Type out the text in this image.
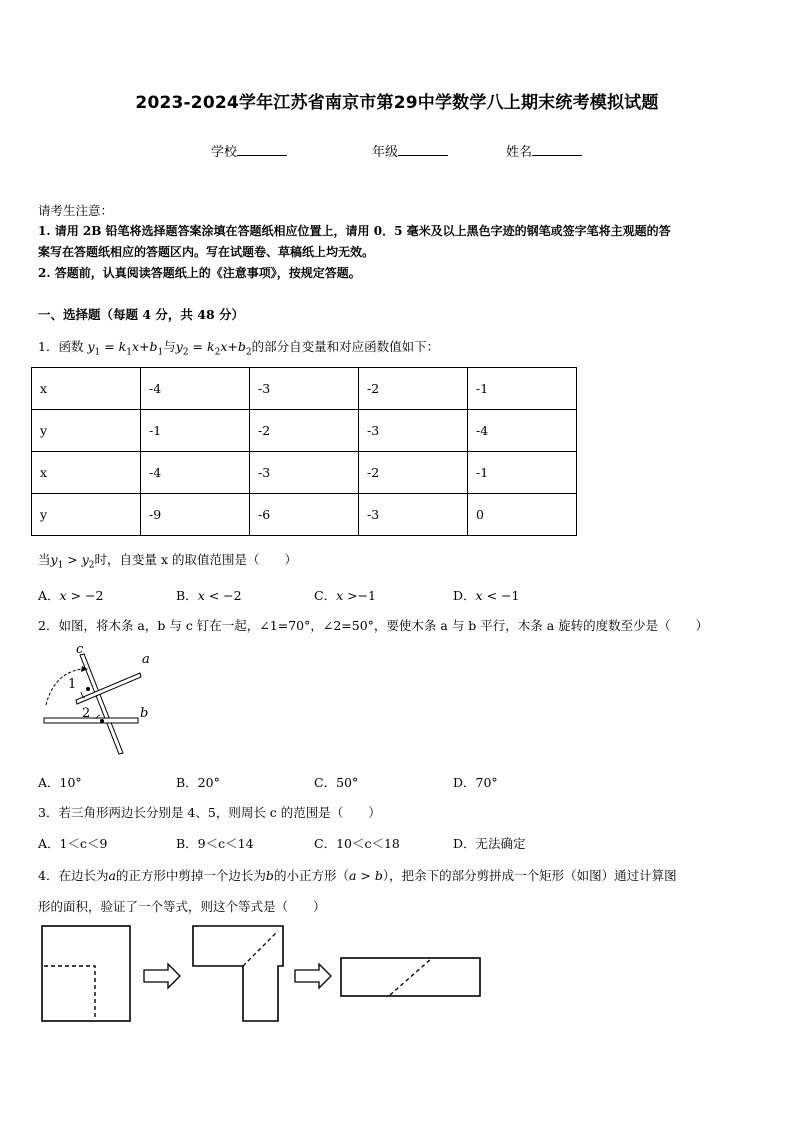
2023-2024学年江苏省南京市第29中学数学八上期末统考模拟试题
学校	年级	姓名
请考生注意：
1. 请用 2B 铅笔将选择题答案涂填在答题纸相应位置上，请用 0．5 毫米及以上黑色字迹的钢笔或签字笔将主观题的答
案写在答题纸相应的答题区内。写在试题卷、草稿纸上均无效。
2. 答题前，认真阅读答题纸上的《注意事项》，按规定答题。
一、选择题（每题 4 分，共 48 分）
1．函数 $y_1 = k_1x+b_1$与$y_2 = k_2x+b_2$的部分自变量和对应函数值如下：
x	-4	-3	-2	-1
y	-1	-2	-3	-4
x	-4	-3	-2	-1
y	-9	-6	-3	0
当$y_1 > y_2$时，自变量 x 的取值范围是（　　）
A．x > −2	B．x < −2	C．x >−1	D．x < −1
2．如图，将木条 a，b 与 c 钉在一起，∠1=70°，∠2=50°，要使木条 a 与 b 平行，木条 a 旋转的度数至少是（　　）
c
a
b
1
2
A．10°	B．20°	C．50°	D．70°
3．若三角形两边长分别是 4、5，则周长 c 的范围是（　　）
A．1＜c＜9	B．9＜c＜14	C．10＜c＜18	D．无法确定
4．在边长为a的正方形中剪掉一个边长为b的小正方形（a > b），把余下的部分剪拼成一个矩形（如图）通过计算图
形的面积，验证了一个等式，则这个等式是（　　）
